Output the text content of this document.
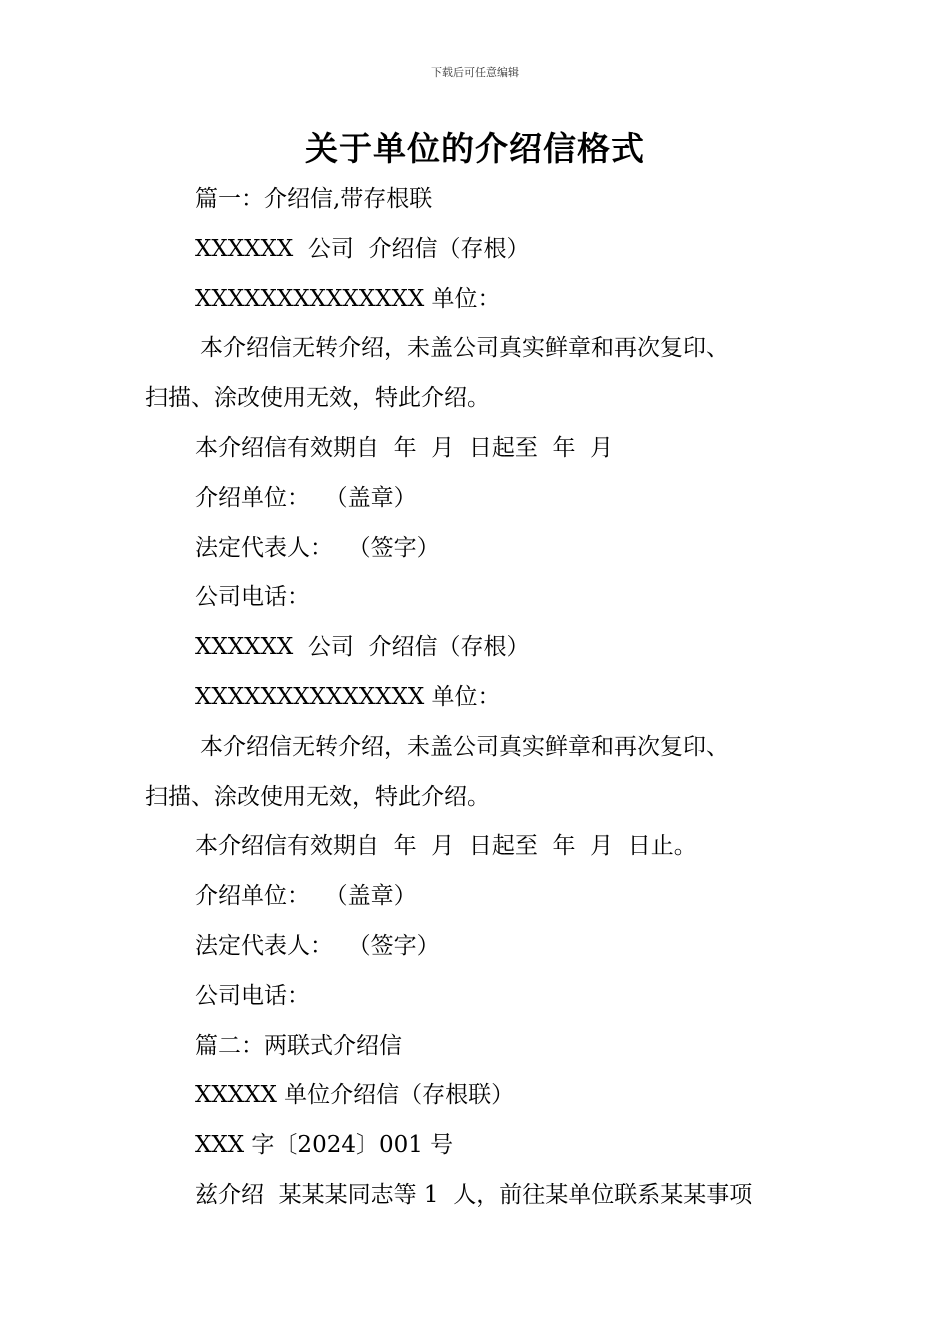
下载后可任意编辑
关于单位的介绍信格式

篇一：介绍信,带存根联

XXXXXX  公司  介绍信（存根）

XXXXXXXXXXXXXX 单位：

本介绍信无转介绍，未盖公司真实鲜章和再次复印、

扫描、涂改使用无效，特此介绍。

本介绍信有效期自  年  月  日起至  年  月

介绍单位：  （盖章）

法定代表人：  （签字）

公司电话：

XXXXXX  公司  介绍信（存根）

XXXXXXXXXXXXXX 单位：

本介绍信无转介绍，未盖公司真实鲜章和再次复印、

扫描、涂改使用无效，特此介绍。

本介绍信有效期自  年  月  日起至  年  月  日止。

介绍单位：  （盖章）

法定代表人：  （签字）

公司电话：

篇二：两联式介绍信

XXXXX 单位介绍信（存根联）

XXX 字〔2024〕001 号

兹介绍  某某某同志等 1  人，前往某单位联系某某事项
